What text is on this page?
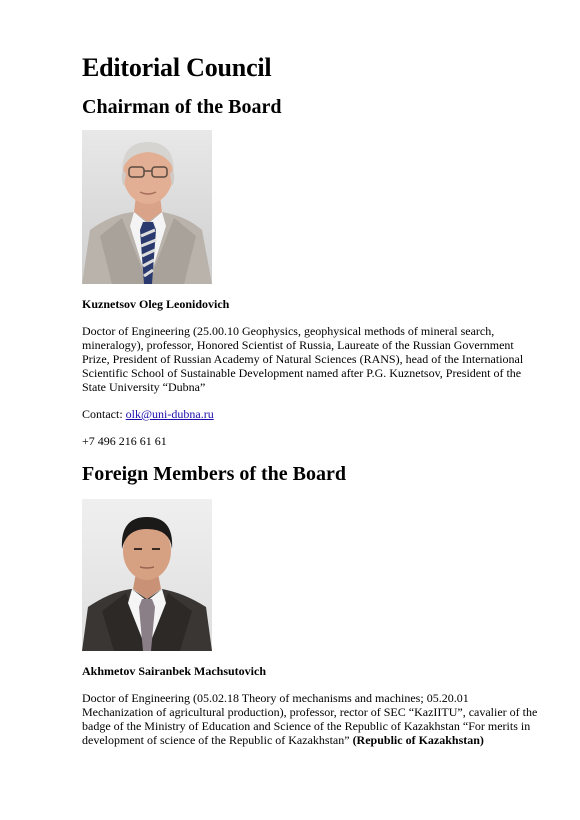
Editorial Council
Chairman of the Board

Kuznetsov Oleg Leonidovich

Doctor of Engineering (25.00.10 Geophysics, geophysical methods of mineral search, mineralogy), professor, Honored Scientist of Russia, Laureate of the Russian Government Prize, President of Russian Academy of Natural Sciences (RANS), head of the International Scientific School of Sustainable Development named after P.G. Kuznetsov, President of the State University “Dubna”

Contact: olk@uni-dubna.ru

+7 496 216 61 61

Foreign Members of the Board

Akhmetov Sairanbek Machsutovich

Doctor of Engineering (05.02.18 Theory of mechanisms and machines; 05.20.01 Mechanization of agricultural production), professor, rector of SEC “KazIITU”, cavalier of the badge of the Ministry of Education and Science of the Republic of Kazakhstan “For merits in development of science of the Republic of Kazakhstan” (Republic of Kazakhstan)
